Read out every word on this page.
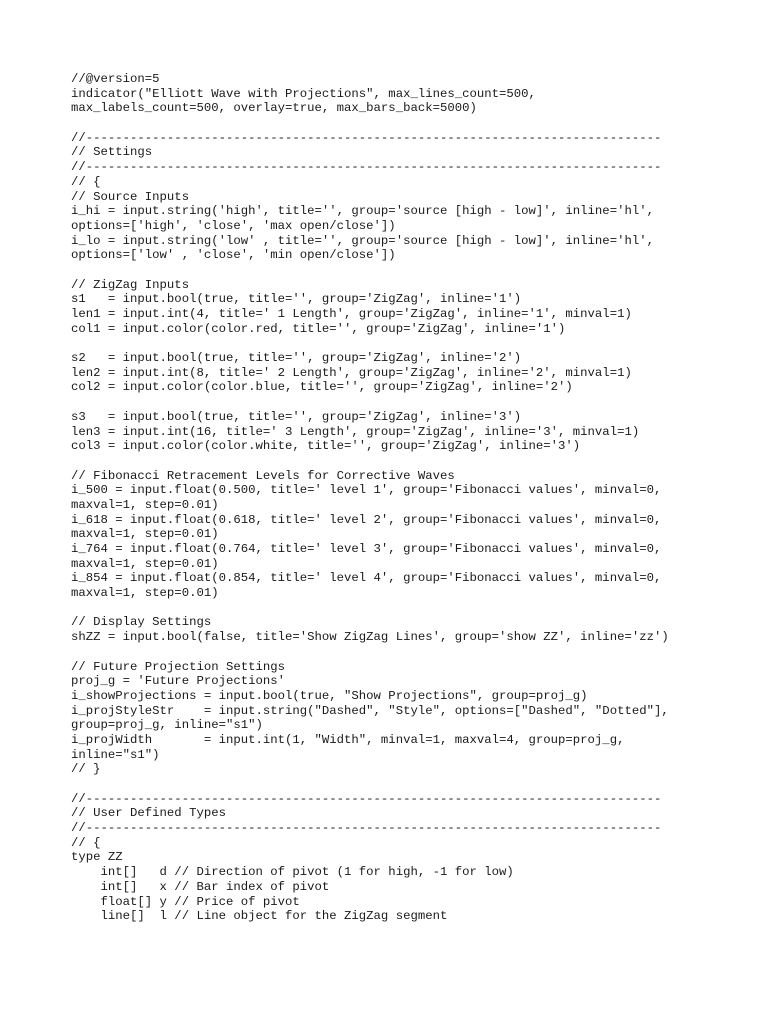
//@version=5
indicator("Elliott Wave with Projections", max_lines_count=500,
max_labels_count=500, overlay=true, max_bars_back=5000)
//------------------------------------------------------------------------------
// Settings
//------------------------------------------------------------------------------
// {
// Source Inputs
i_hi = input.string('high', title='', group='source [high - low]', inline='hl',
options=['high', 'close', 'max open/close'])
i_lo = input.string('low' , title='', group='source [high - low]', inline='hl',
options=['low' , 'close', 'min open/close'])
// ZigZag Inputs
s1   = input.bool(true, title='', group='ZigZag', inline='1')
len1 = input.int(4, title=' 1 Length', group='ZigZag', inline='1', minval=1)
col1 = input.color(color.red, title='', group='ZigZag', inline='1')
s2   = input.bool(true, title='', group='ZigZag', inline='2')
len2 = input.int(8, title=' 2 Length', group='ZigZag', inline='2', minval=1)
col2 = input.color(color.blue, title='', group='ZigZag', inline='2')
s3   = input.bool(true, title='', group='ZigZag', inline='3')
len3 = input.int(16, title=' 3 Length', group='ZigZag', inline='3', minval=1)
col3 = input.color(color.white, title='', group='ZigZag', inline='3')
// Fibonacci Retracement Levels for Corrective Waves
i_500 = input.float(0.500, title=' level 1', group='Fibonacci values', minval=0,
maxval=1, step=0.01)
i_618 = input.float(0.618, title=' level 2', group='Fibonacci values', minval=0,
maxval=1, step=0.01)
i_764 = input.float(0.764, title=' level 3', group='Fibonacci values', minval=0,
maxval=1, step=0.01)
i_854 = input.float(0.854, title=' level 4', group='Fibonacci values', minval=0,
maxval=1, step=0.01)
// Display Settings
shZZ = input.bool(false, title='Show ZigZag Lines', group='show ZZ', inline='zz')
// Future Projection Settings
proj_g = 'Future Projections'
i_showProjections = input.bool(true, "Show Projections", group=proj_g)
i_projStyleStr    = input.string("Dashed", "Style", options=["Dashed", "Dotted"],
group=proj_g, inline="s1")
i_projWidth       = input.int(1, "Width", minval=1, maxval=4, group=proj_g,
inline="s1")
// }
//------------------------------------------------------------------------------
// User Defined Types
//------------------------------------------------------------------------------
// {
type ZZ
int[]   d // Direction of pivot (1 for high, -1 for low)
int[]   x // Bar index of pivot
float[] y // Price of pivot
line[]  l // Line object for the ZigZag segment
